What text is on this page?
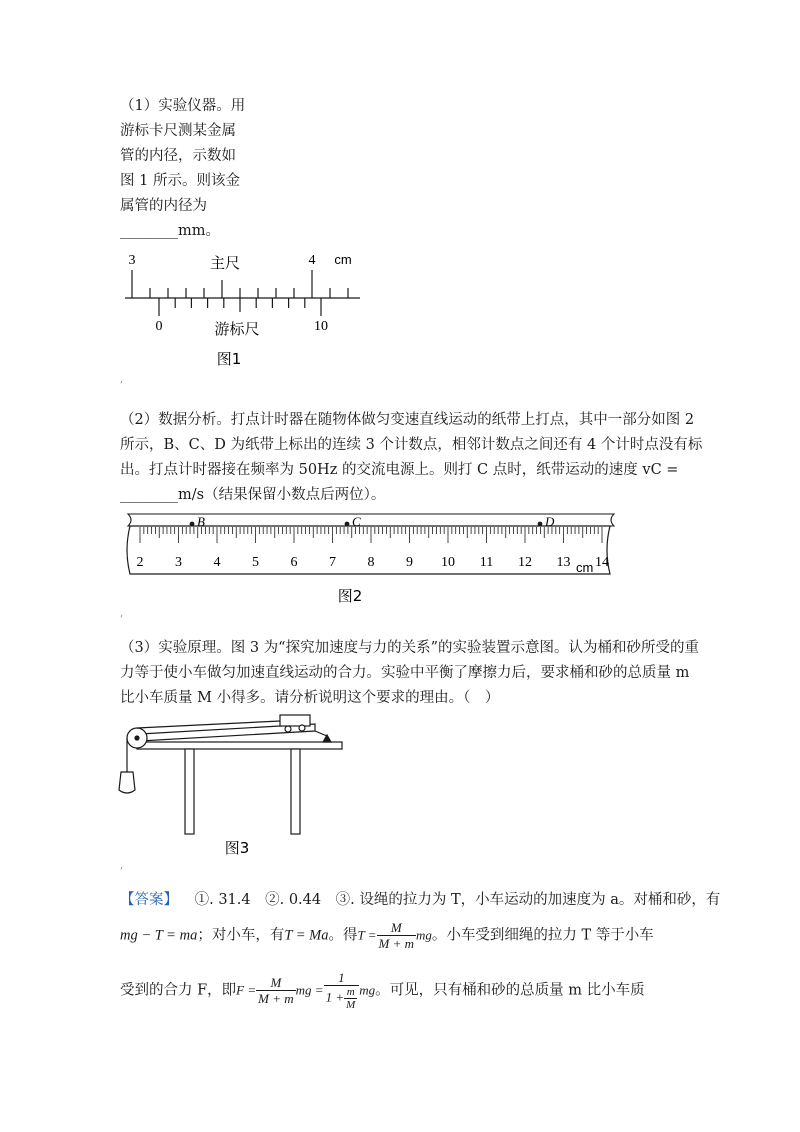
（1）实验仪器。用
游标卡尺测某金属
管的内径，示数如
图 1 所示。则该金
属管的内径为
________mm。
3	4 cm
主尺
0	10
游标尺
图1
,
（2）数据分析。打点计时器在随物体做匀变速直线运动的纸带上打点，其中一部分如图 2
所示，B、C、D 为纸带上标出的连续 3 个计数点，相邻计数点之间还有 4 个计时点没有标
出。打点计时器接在频率为 50Hz 的交流电源上。则打 C 点时，纸带运动的速度 vC =
________m/s（结果保留小数点后两位）。
2 3 4 5 6 7 8 9 10 11 12 13 14
B	C	D
cm
图2
,
（3）实验原理。图 3 为“探究加速度与力的关系”的实验装置示意图。认为桶和砂所受的重
力等于使小车做匀加速直线运动的合力。实验中平衡了摩擦力后，要求桶和砂的总质量 m
比小车质量 M 小得多。请分析说明这个要求的理由。（　）
图3
,
【答案】 ①. 31.4　②. 0.44　③. 设绳的拉力为 T，小车运动的加速度为 a。对桶和砂，有
mg − T = ma；对小车，有T = Ma。得$T = \frac{M}{M + m}$ mg。小车受到细绳的拉力 T 等于小车
受到的合力 F，即$F = \frac{M}{M + m}$ mg = $\frac{1}{1 + \frac{m}{M}}$ mg。可见，只有桶和砂的总质量 m 比小车质
